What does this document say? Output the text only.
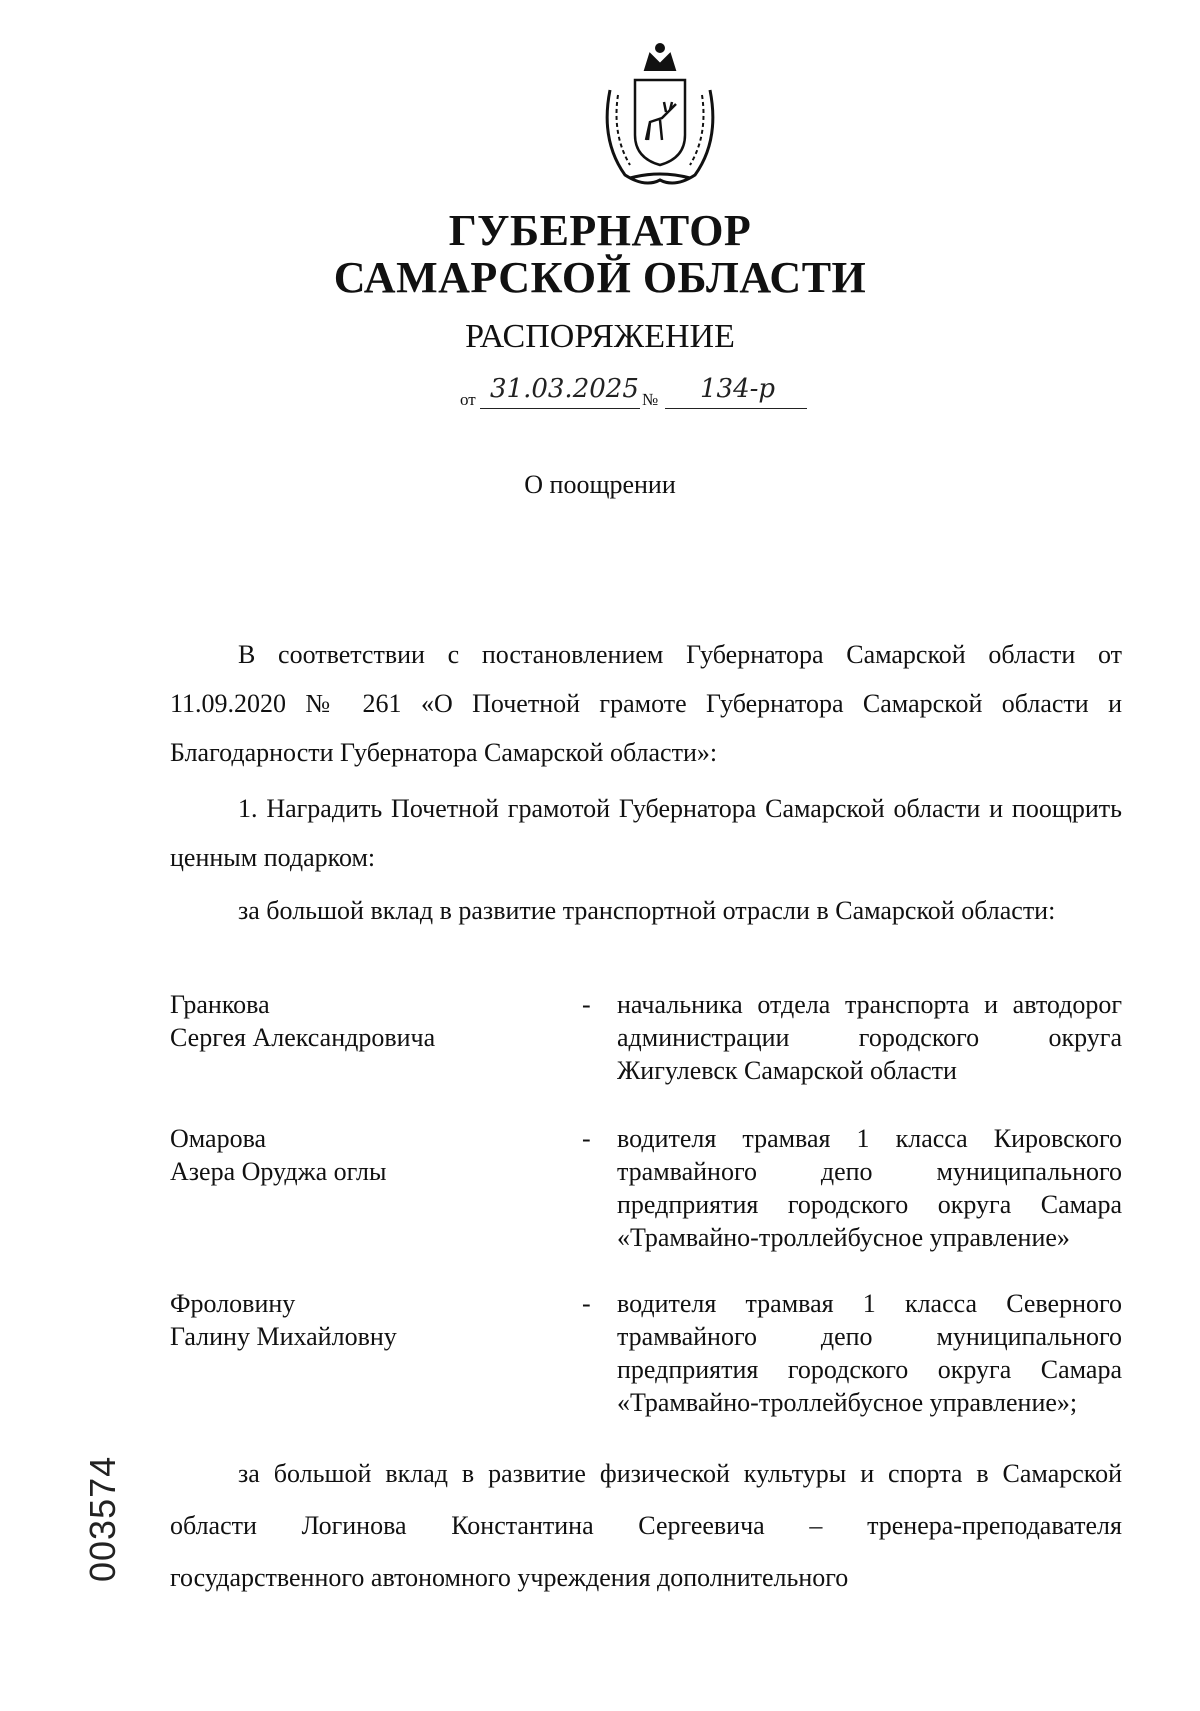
ГУБЕРНАТОР
САМАРСКОЙ ОБЛАСТИ
РАСПОРЯЖЕНИЕ
от 31.03.2025 № 134-р
О поощрении
В соответствии с постановлением Губернатора Самарской области от 11.09.2020 № 261 «О Почетной грамоте Губернатора Самарской области и Благодарности Губернатора Самарской области»:
1. Наградить Почетной грамотой Губернатора Самарской области и поощрить ценным подарком:
за большой вклад в развитие транспортной отрасли в Самарской области:
Гранкова
Сергея Александровича
- начальника отдела транспорта и автодорог администрации городского округа Жигулевск Самарской области
Омарова
Азера Оруджа оглы
- водителя трамвая 1 класса Кировского трамвайного депо муниципального предприятия городского округа Самара «Трамвайно-троллейбусное управление»
Фроловину
Галину Михайловну
- водителя трамвая 1 класса Северного трамвайного депо муниципального предприятия городского округа Самара «Трамвайно-троллейбусное управление»;
за большой вклад в развитие физической культуры и спорта в Самарской области Логинова Константина Сергеевича – тренера-преподавателя государственного автономного учреждения дополнительного
003574
